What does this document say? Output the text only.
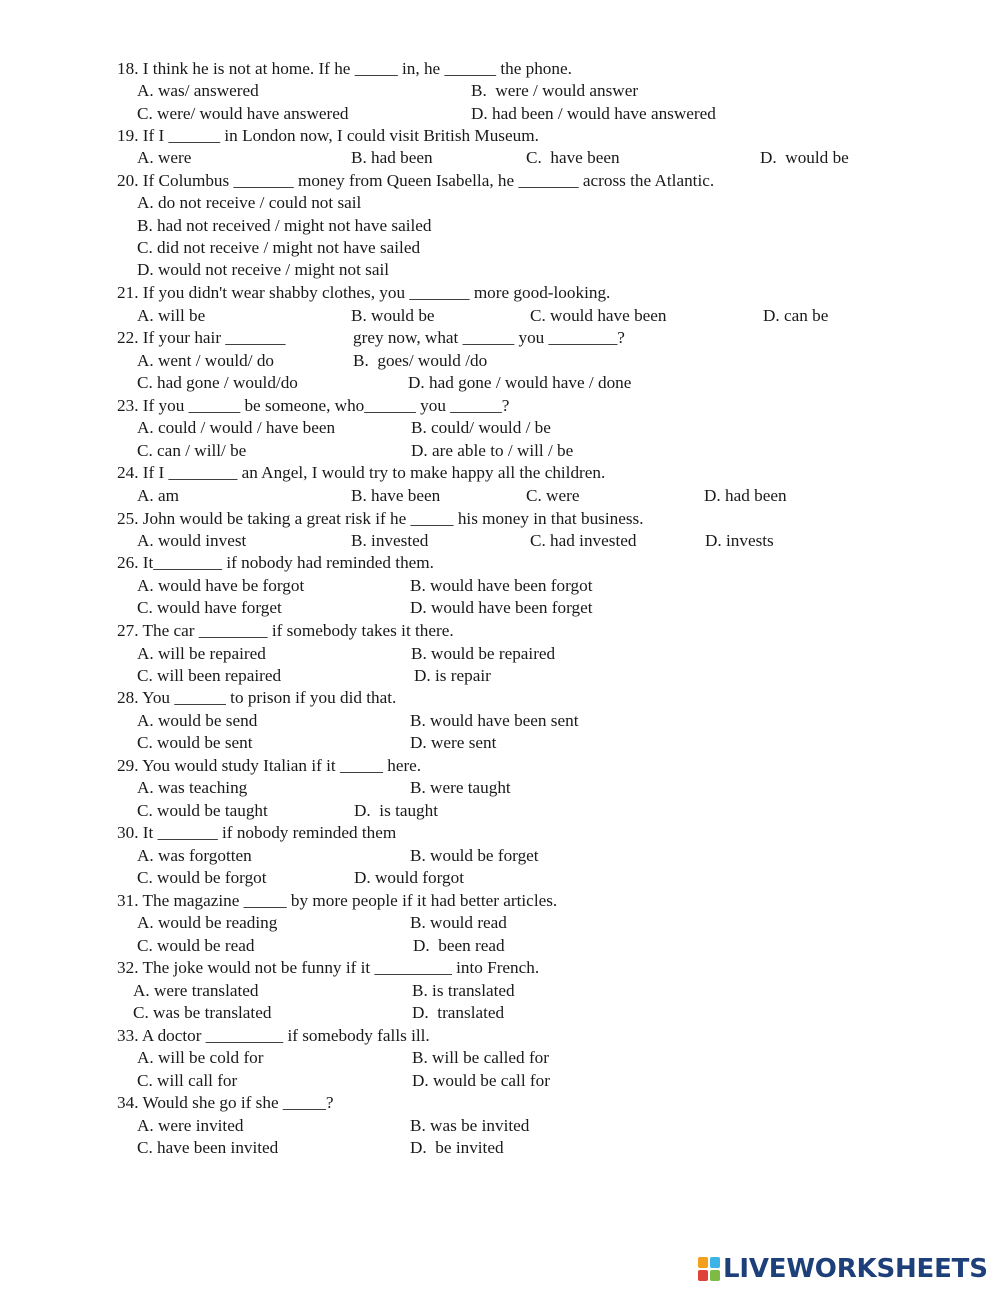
18. I think he is not at home. If he _____ in, he ______ the phone.
A. was/ answered	B.  were / would answer
C. were/ would have answered	D. had been / would have answered
19. If I ______ in London now, I could visit British Museum.
A. were	B. had been	C.  have been	D.  would be
20. If Columbus _______ money from Queen Isabella, he _______ across the Atlantic.
A. do not receive / could not sail
B. had not received / might not have sailed
C. did not receive / might not have sailed
D. would not receive / might not sail
21. If you didn't wear shabby clothes, you _______ more good-looking.
A. will be	B. would be	C. would have been	D. can be
22. If your hair _______	grey now, what ______ you ________?
A. went / would/ do	B.  goes/ would /do
C. had gone / would/do	D. had gone / would have / done
23. If you ______ be someone, who______ you ______?
A. could / would / have been	B. could/ would / be
C. can / will/ be	D. are able to / will / be
24. If I ________ an Angel, I would try to make happy all the children.
A. am	B. have been	C. were	D. had been
25. John would be taking a great risk if he _____ his money in that business.
A. would invest	B. invested	C. had invested	D. invests
26. It________ if nobody had reminded them.
A. would have be forgot	B. would have been forgot
C. would have forget	D. would have been forget
27. The car ________ if somebody takes it there.
A. will be repaired	B. would be repaired
C. will been repaired	D. is repair
28. You ______ to prison if you did that.
A. would be send	B. would have been sent
C. would be sent	D. were sent
29. You would study Italian if it _____ here.
A. was teaching	B. were taught
C. would be taught	D.  is taught
30. It _______ if nobody reminded them
A. was forgotten	B. would be forget
C. would be forgot	D. would forgot
31. The magazine _____ by more people if it had better articles.
A. would be reading	B. would read
C. would be read	D.  been read
32. The joke would not be funny if it _________ into French.
A. were translated	B. is translated
C. was be translated	D.  translated
33. A doctor _________ if somebody falls ill.
A. will be cold for	B. will be called for
C. will call for	D. would be call for
34. Would she go if she _____?
A. were invited	B. was be invited
C. have been invited	D.  be invited
LIVEWORKSHEETS
